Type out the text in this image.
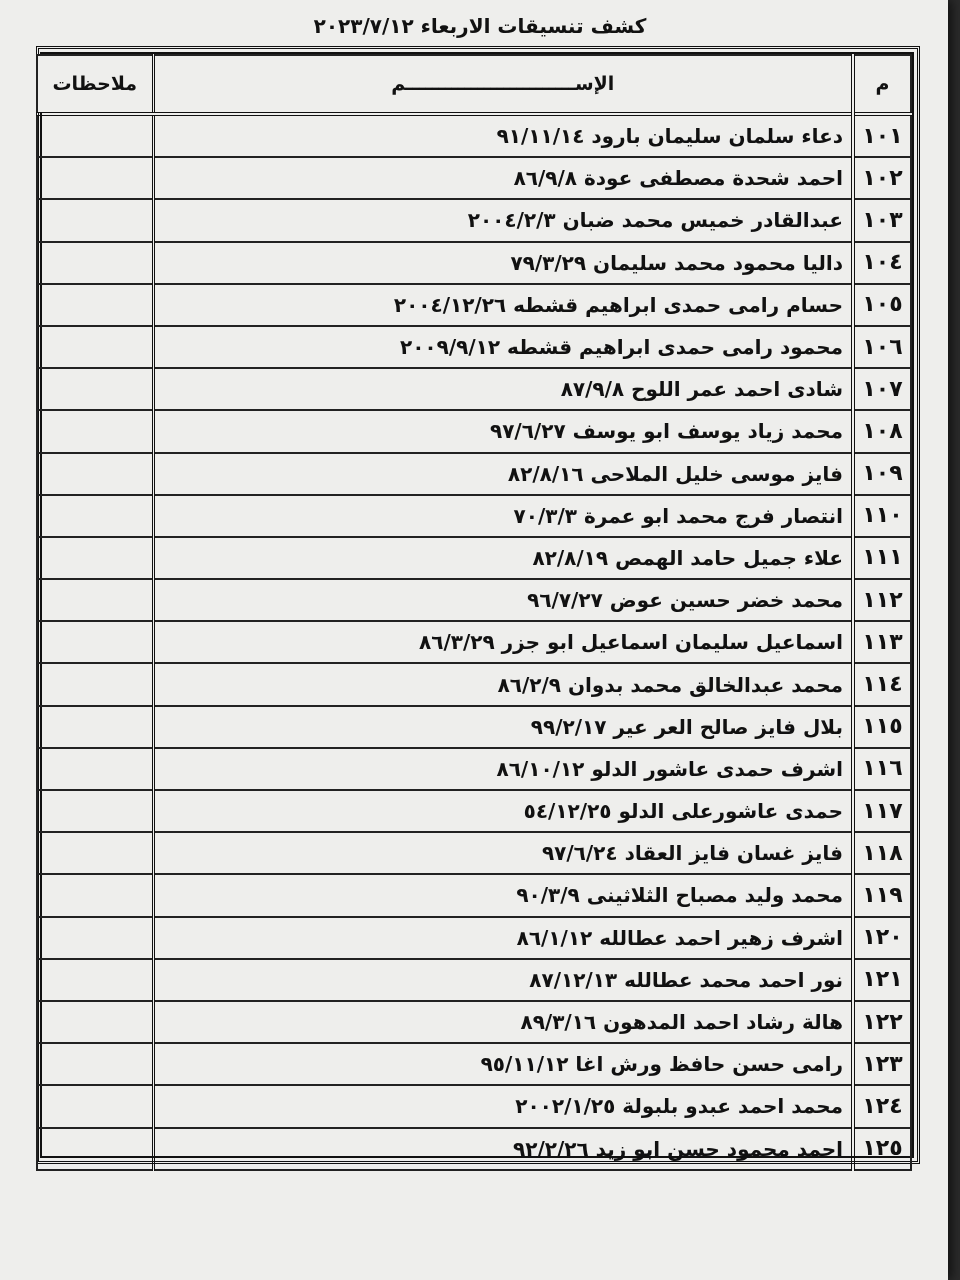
كشف تنسيقات الاربعاء ٢٠٢٣/٧/١٢
م	الإســــــــــــــــــــــــــم	ملاحظات
١٠١	دعاء سلمان سليمان بارود ٩١/١١/١٤	
١٠٢	احمد شحدة مصطفى عودة ٨٦/٩/٨	
١٠٣	عبدالقادر خميس محمد ضبان ٢٠٠٤/٢/٣	
١٠٤	داليا محمود محمد سليمان ٧٩/٣/٢٩	
١٠٥	حسام رامى حمدى ابراهيم قشطه ٢٠٠٤/١٢/٢٦	
١٠٦	محمود رامى حمدى ابراهيم قشطه ٢٠٠٩/٩/١٢	
١٠٧	شادى احمد عمر اللوح ٨٧/٩/٨	
١٠٨	محمد زياد يوسف ابو يوسف ٩٧/٦/٢٧	
١٠٩	فايز موسى خليل الملاحى ٨٢/٨/١٦	
١١٠	انتصار فرج محمد ابو عمرة ٧٠/٣/٣	
١١١	علاء جميل حامد الهمص ٨٢/٨/١٩	
١١٢	محمد خضر حسين عوض ٩٦/٧/٢٧	
١١٣	اسماعيل سليمان اسماعيل ابو جزر ٨٦/٣/٢٩	
١١٤	محمد عبدالخالق محمد بدوان ٨٦/٢/٩	
١١٥	بلال فايز صالح العر عير ٩٩/٢/١٧	
١١٦	اشرف حمدى عاشور الدلو ٨٦/١٠/١٢	
١١٧	حمدى عاشورعلى الدلو ٥٤/١٢/٢٥	
١١٨	فايز غسان فايز العقاد ٩٧/٦/٢٤	
١١٩	محمد وليد مصباح الثلاثينى ٩٠/٣/٩	
١٢٠	اشرف زهير احمد عطالله ٨٦/١/١٢	
١٢١	نور احمد محمد عطالله ٨٧/١٢/١٣	
١٢٢	هالة رشاد احمد المدهون ٨٩/٣/١٦	
١٢٣	رامى حسن حافظ ورش اغا ٩٥/١١/١٢	
١٢٤	محمد احمد عبدو بلبولة ٢٠٠٢/١/٢٥	
١٢٥	احمد محمود حسن ابو زيد ٩٢/٢/٢٦	
